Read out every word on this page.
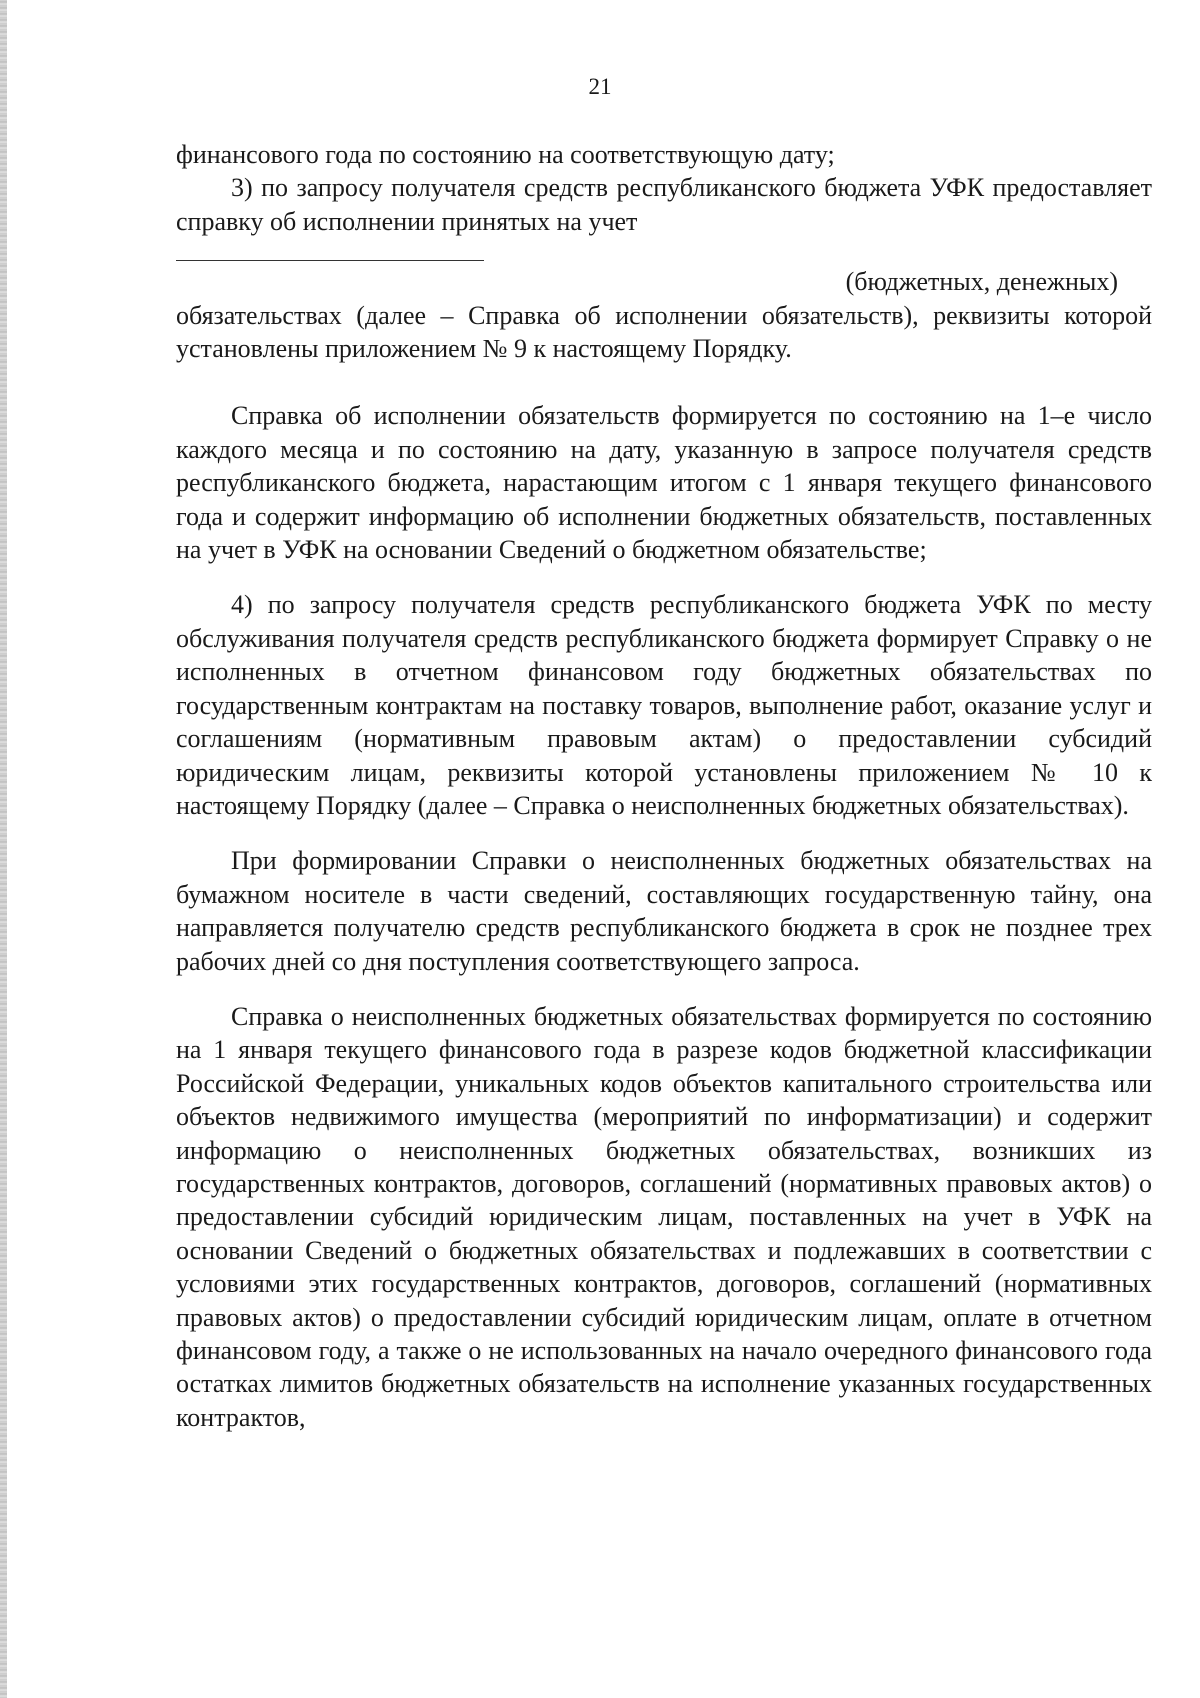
21

финансового года по состоянию на соответствующую дату;

3) по запросу получателя средств республиканского бюджета УФК предоставляет справку об исполнении принятых на учет

(бюджетных, денежных)

обязательствах (далее – Справка об исполнении обязательств), реквизиты которой установлены приложением № 9 к настоящему Порядку.

Справка об исполнении обязательств формируется по состоянию на 1–е число каждого месяца и по состоянию на дату, указанную в запросе получателя средств республиканского бюджета, нарастающим итогом с 1 января текущего финансового года и содержит информацию об исполнении бюджетных обязательств, поставленных на учет в УФК на основании Сведений о бюджетном обязательстве;

4) по запросу получателя средств республиканского бюджета УФК по месту обслуживания получателя средств республиканского бюджета формирует Справку о не исполненных в отчетном финансовом году бюджетных обязательствах по государственным контрактам на поставку товаров, выполнение работ, оказание услуг и соглашениям (нормативным правовым актам) о предоставлении субсидий юридическим лицам, реквизиты которой установлены приложением № 10 к настоящему Порядку (далее – Справка о неисполненных бюджетных обязательствах).

При формировании Справки о неисполненных бюджетных обязательствах на бумажном носителе в части сведений, составляющих государственную тайну, она направляется получателю средств республиканского бюджета в срок не позднее трех рабочих дней со дня поступления соответствующего запроса.

Справка о неисполненных бюджетных обязательствах формируется по состоянию на 1 января текущего финансового года в разрезе кодов бюджетной классификации Российской Федерации, уникальных кодов объектов капитального строительства или объектов недвижимого имущества (мероприятий по информатизации) и содержит информацию о неисполненных бюджетных обязательствах, возникших из государственных контрактов, договоров, соглашений (нормативных правовых актов) о предоставлении субсидий юридическим лицам, поставленных на учет в УФК на основании Сведений о бюджетных обязательствах и подлежавших в соответствии с условиями этих государственных контрактов, договоров, соглашений (нормативных правовых актов) о предоставлении субсидий юридическим лицам, оплате в отчетном финансовом году, а также о не использованных на начало очередного финансового года остатках лимитов бюджетных обязательств на исполнение указанных государственных контрактов,
